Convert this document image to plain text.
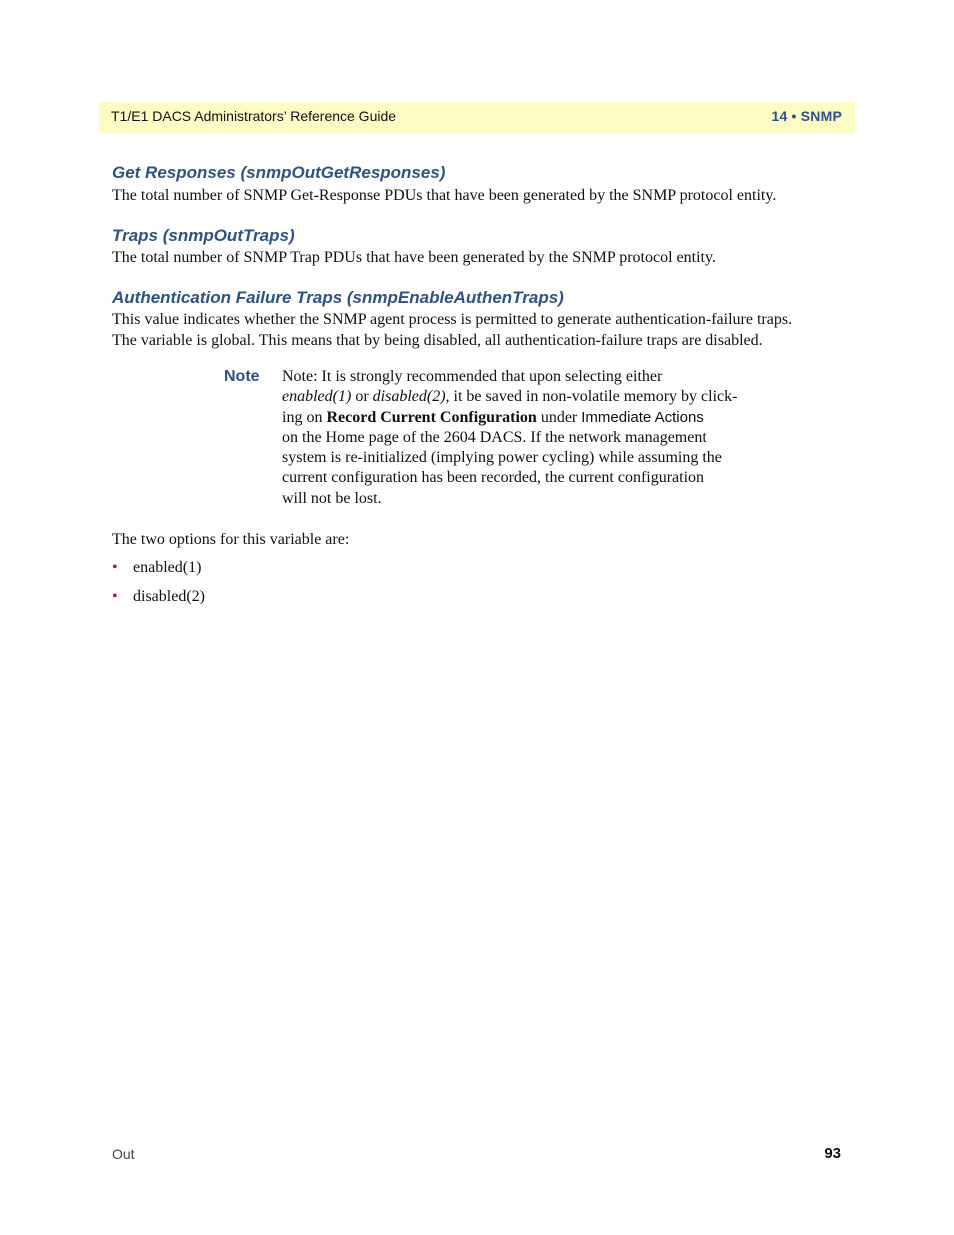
T1/E1 DACS Administrators’ Reference Guide	14 • SNMP
Get Responses (snmpOutGetResponses)

The total number of SNMP Get-Response PDUs that have been generated by the SNMP protocol entity.

Traps (snmpOutTraps)

The total number of SNMP Trap PDUs that have been generated by the SNMP protocol entity.

Authentication Failure Traps (snmpEnableAuthenTraps)

This value indicates whether the SNMP agent process is permitted to generate authentication-failure traps.

The variable is global. This means that by being disabled, all authentication-failure traps are disabled.

Note Note: It is strongly recommended that upon selecting either
enabled(1) or disabled(2), it be saved in non-volatile memory by click-
ing on Record Current Configuration under Immediate Actions
on the Home page of the 2604 DACS. If the network management
system is re-initialized (implying power cycling) while assuming the
current configuration has been recorded, the current configuration
will not be lost.

The two options for this variable are:

• enabled(1)
• disabled(2)
Out	93
